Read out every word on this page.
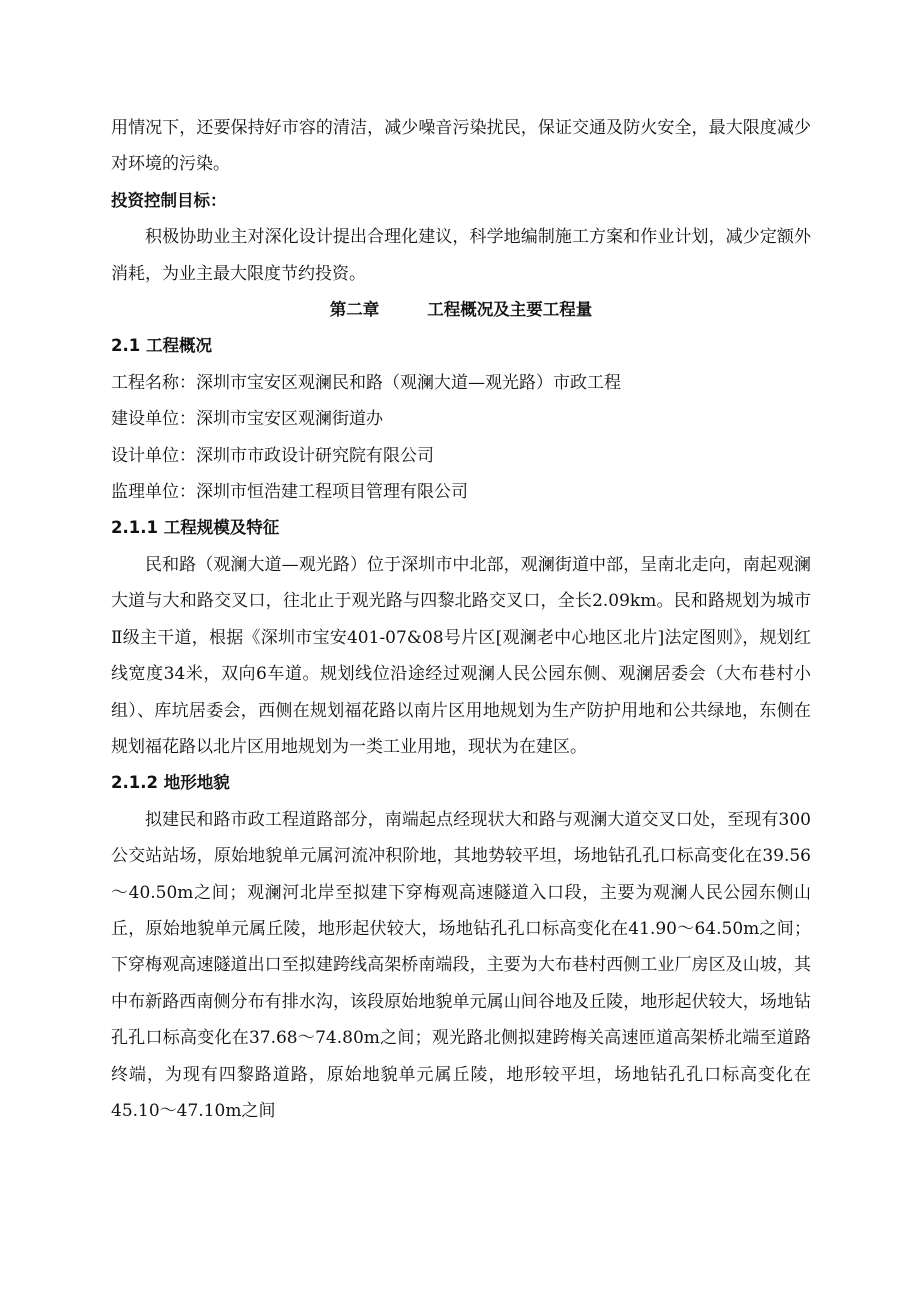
用情况下，还要保持好市容的清洁，减少噪音污染扰民，保证交通及防火安全，最大限度减少对环境的污染。

投资控制目标：

积极协助业主对深化设计提出合理化建议，科学地编制施工方案和作业计划，减少定额外消耗，为业主最大限度节约投资。

第二章	工程概况及主要工程量

2.1 工程概况

工程名称：深圳市宝安区观澜民和路（观澜大道—观光路）市政工程

建设单位：深圳市宝安区观澜街道办

设计单位：深圳市市政设计研究院有限公司

监理单位：深圳市恒浩建工程项目管理有限公司

2.1.1 工程规模及特征

民和路（观澜大道—观光路）位于深圳市中北部，观澜街道中部，呈南北走向，南起观澜大道与大和路交叉口，往北止于观光路与四黎北路交叉口，全长2.09km。民和路规划为城市Ⅱ级主干道，根据《深圳市宝安401-07&08号片区[观澜老中心地区北片]法定图则》，规划红线宽度34米，双向6车道。规划线位沿途经过观澜人民公园东侧、观澜居委会（大布巷村小组）、库坑居委会，西侧在规划福花路以南片区用地规划为生产防护用地和公共绿地，东侧在规划福花路以北片区用地规划为一类工业用地，现状为在建区。

2.1.2 地形地貌

拟建民和路市政工程道路部分，南端起点经现状大和路与观澜大道交叉口处，至现有300公交站站场，原始地貌单元属河流冲积阶地，其地势较平坦，场地钻孔孔口标高变化在39.56～40.50m之间；观澜河北岸至拟建下穿梅观高速隧道入口段，主要为观澜人民公园东侧山丘，原始地貌单元属丘陵，地形起伏较大，场地钻孔孔口标高变化在41.90～64.50m之间；下穿梅观高速隧道出口至拟建跨线高架桥南端段，主要为大布巷村西侧工业厂房区及山坡，其中布新路西南侧分布有排水沟，该段原始地貌单元属山间谷地及丘陵，地形起伏较大，场地钻孔孔口标高变化在37.68～74.80m之间；观光路北侧拟建跨梅关高速匝道高架桥北端至道路终端，为现有四黎路道路，原始地貌单元属丘陵，地形较平坦，场地钻孔孔口标高变化在45.10～47.10m之间
